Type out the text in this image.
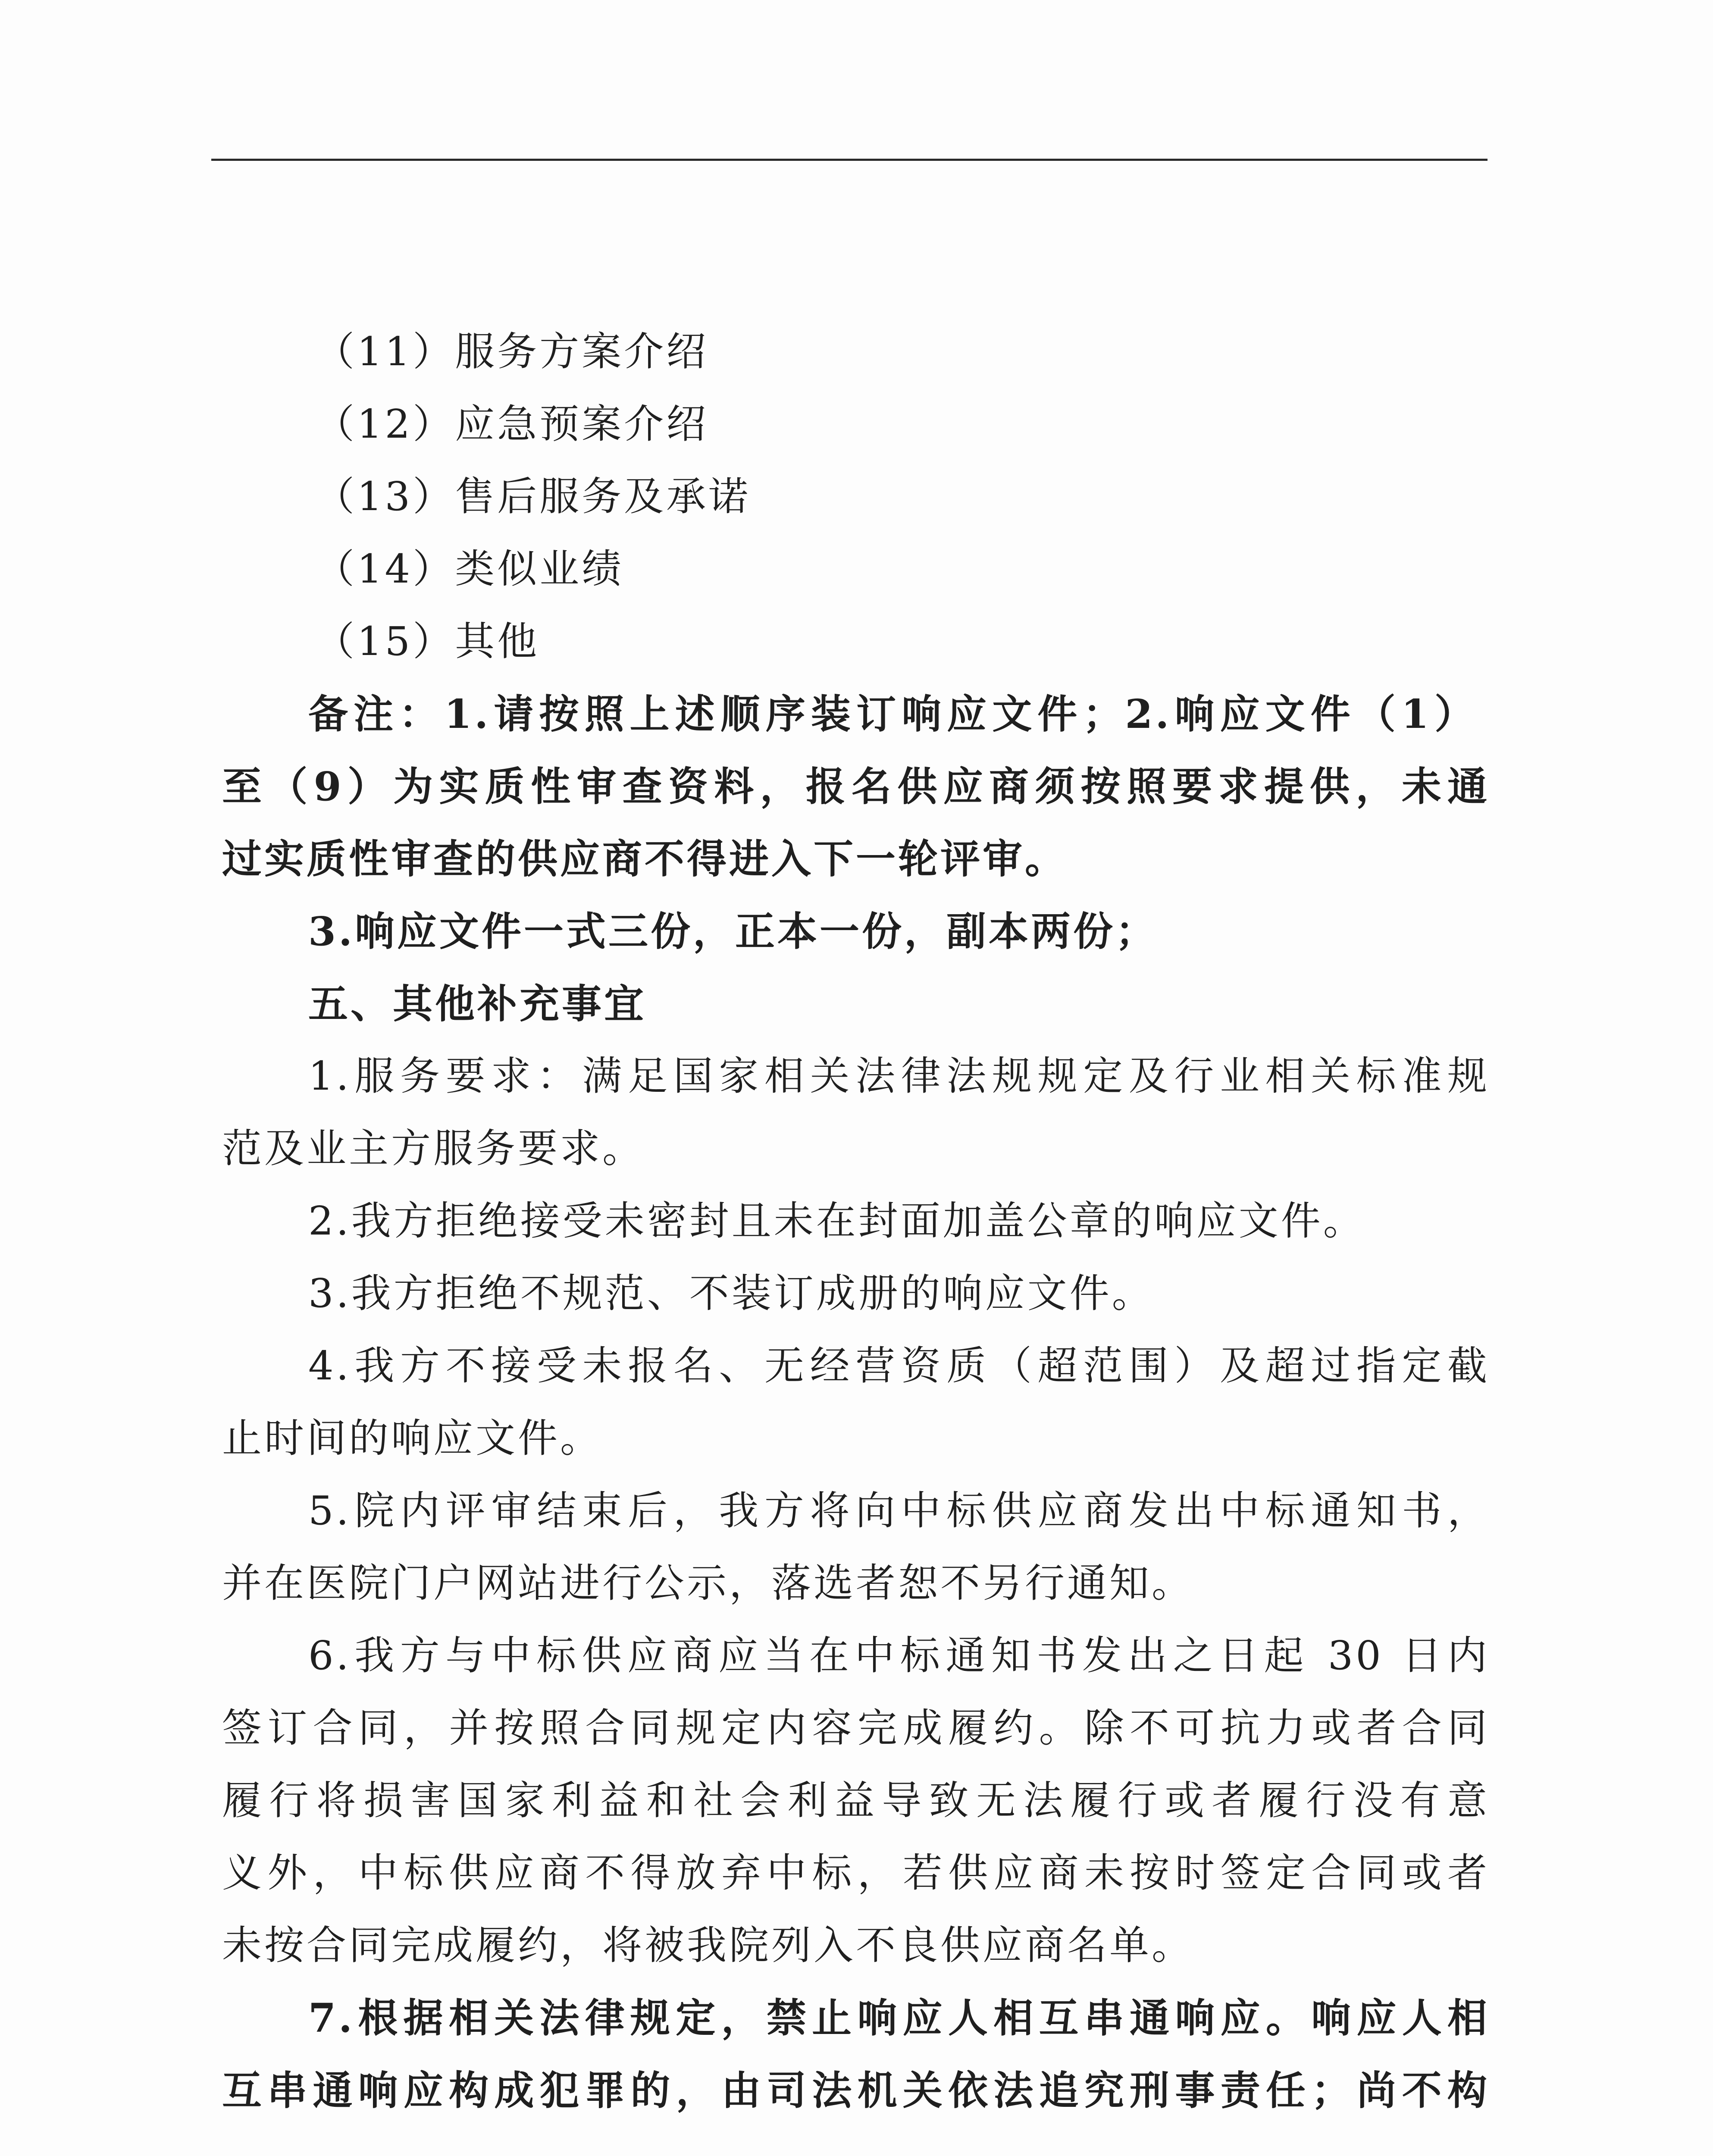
（11）服务方案介绍
（12）应急预案介绍
（13）售后服务及承诺
（14）类似业绩
（15）其他
备注：1.请按照上述顺序装订响应文件；2.响应文件（1）
至（9）为实质性审查资料，报名供应商须按照要求提供，未通
过实质性审查的供应商不得进入下一轮评审。
3.响应文件一式三份，正本一份，副本两份；
五、其他补充事宜
1.服务要求：满足国家相关法律法规规定及行业相关标准规
范及业主方服务要求。
2.我方拒绝接受未密封且未在封面加盖公章的响应文件。
3.我方拒绝不规范、不装订成册的响应文件。
4.我方不接受未报名、无经营资质（超范围）及超过指定截
止时间的响应文件。
5.院内评审结束后，我方将向中标供应商发出中标通知书，
并在医院门户网站进行公示，落选者恕不另行通知。
6.我方与中标供应商应当在中标通知书发出之日起 30 日内
签订合同，并按照合同规定内容完成履约。除不可抗力或者合同
履行将损害国家利益和社会利益导致无法履行或者履行没有意
义外，中标供应商不得放弃中标，若供应商未按时签定合同或者
未按合同完成履约，将被我院列入不良供应商名单。
7.根据相关法律规定，禁止响应人相互串通响应。响应人相
互串通响应构成犯罪的，由司法机关依法追究刑事责任；尚不构
